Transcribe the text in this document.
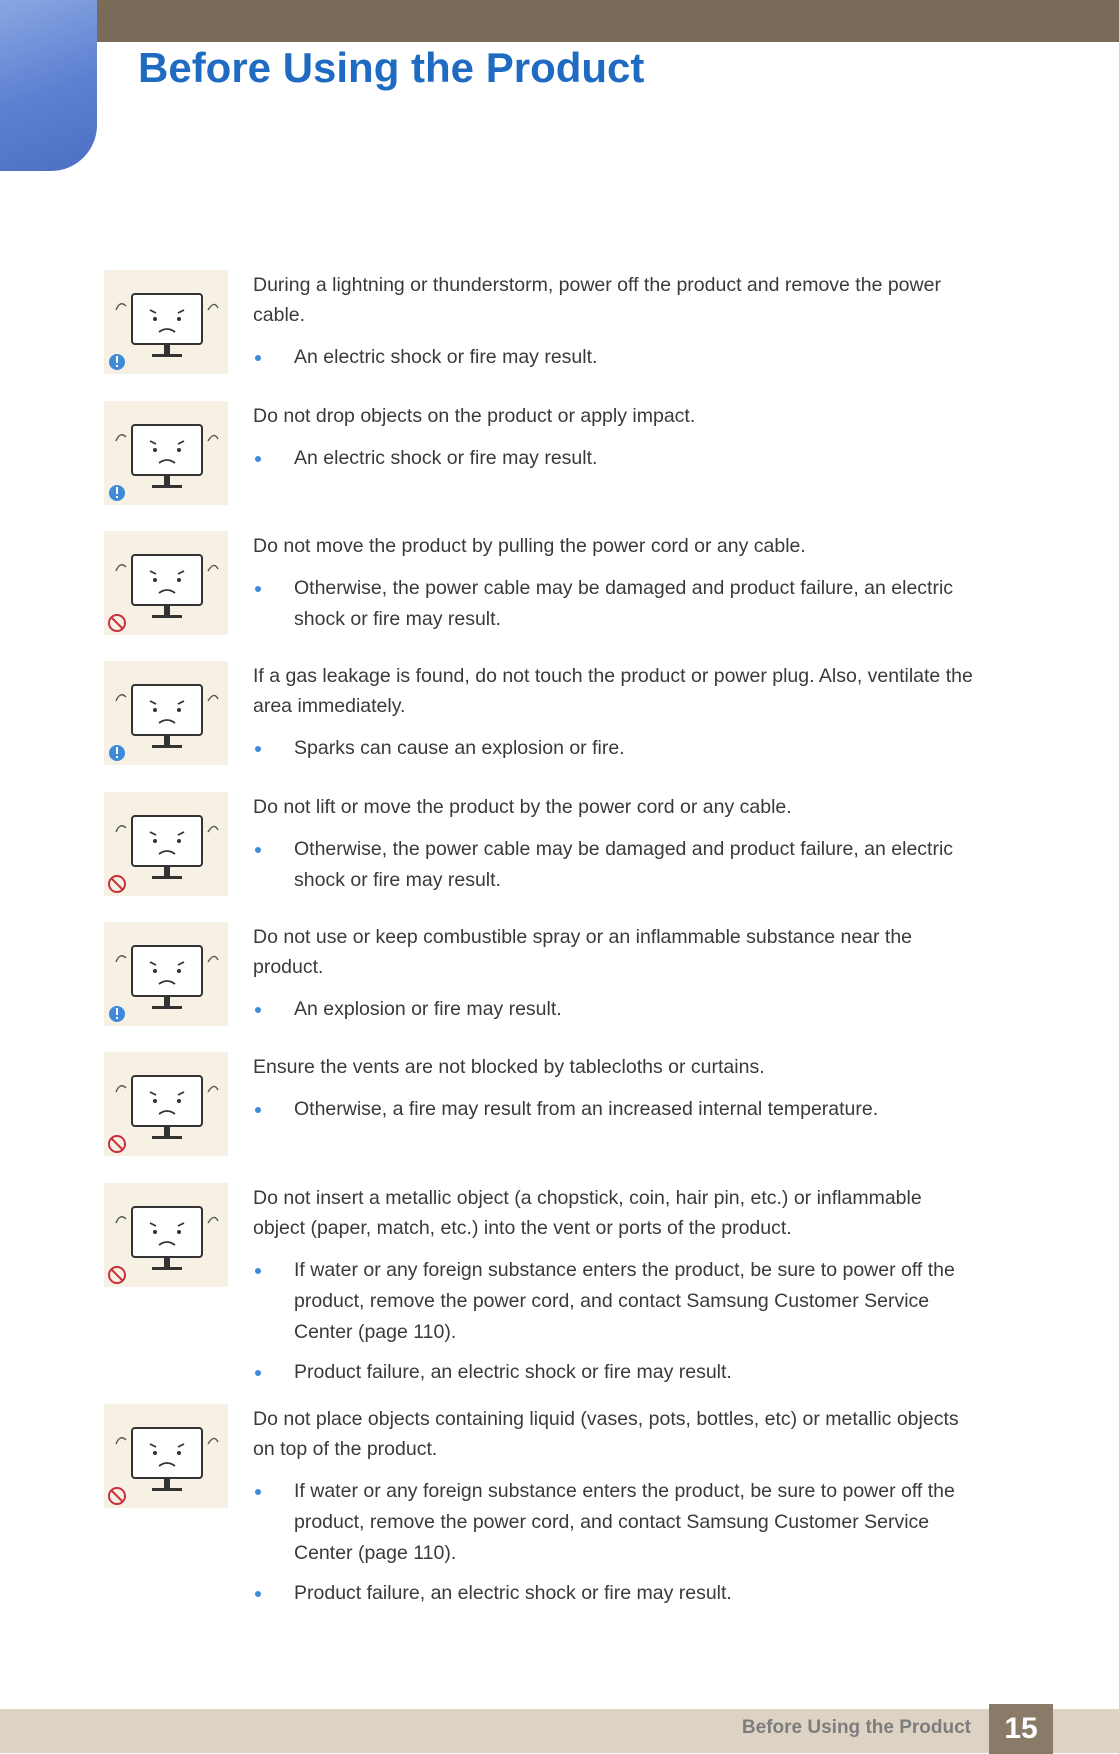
Before Using the Product

During a lightning or thunderstorm, power off the product and remove the power cable.

An electric shock or fire may result.

Do not drop objects on the product or apply impact.

An electric shock or fire may result.

Do not move the product by pulling the power cord or any cable.

Otherwise, the power cable may be damaged and product failure, an electric shock or fire may result.

If a gas leakage is found, do not touch the product or power plug. Also, ventilate the area immediately.

Sparks can cause an explosion or fire.

Do not lift or move the product by the power cord or any cable.

Otherwise, the power cable may be damaged and product failure, an electric shock or fire may result.

Do not use or keep combustible spray or an inflammable substance near the product.

An explosion or fire may result.

Ensure the vents are not blocked by tablecloths or curtains.

Otherwise, a fire may result from an increased internal temperature.

Do not insert a metallic object (a chopstick, coin, hair pin, etc.) or inflammable object (paper, match, etc.) into the vent or ports of the product.

If water or any foreign substance enters the product, be sure to power off the product, remove the power cord, and contact Samsung Customer Service Center (page 110).
Product failure, an electric shock or fire may result.

Do not place objects containing liquid (vases, pots, bottles, etc) or metallic objects on top of the product.

If water or any foreign substance enters the product, be sure to power off the product, remove the power cord, and contact Samsung Customer Service Center (page 110).
Product failure, an electric shock or fire may result.
Before Using the Product	15
